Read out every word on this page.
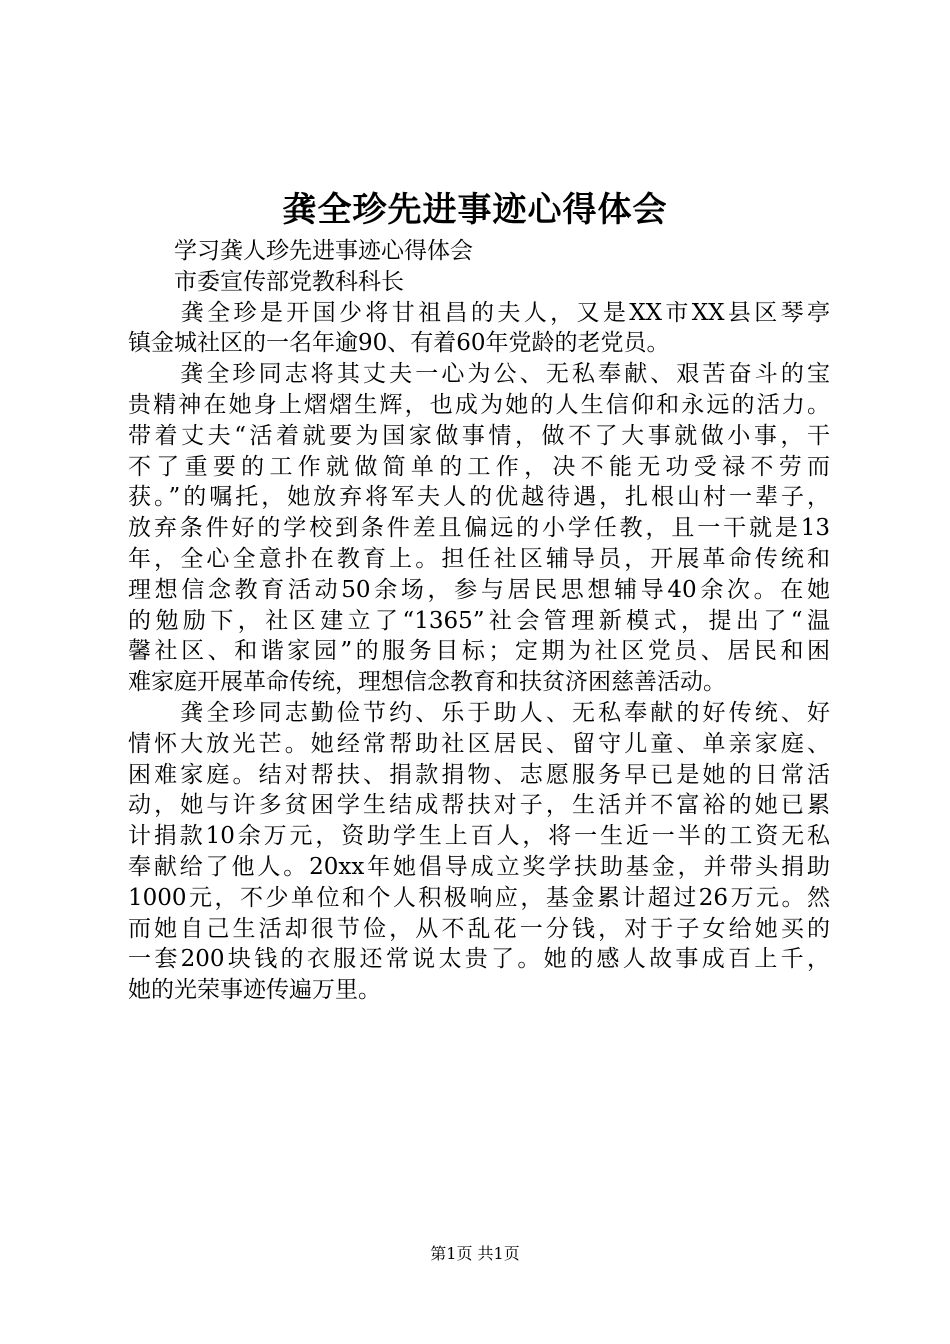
龚全珍先进事迹心得体会
　　学习龚人珍先进事迹心得体会
　　市委宣传部党教科科长
　　龚全珍是开国少将甘祖昌的夫人，又是XX市XX县区琴亭
镇金城社区的一名年逾90、有着60年党龄的老党员。
　　龚全珍同志将其丈夫一心为公、无私奉献、艰苦奋斗的宝
贵精神在她身上熠熠生辉，也成为她的人生信仰和永远的活力。
带着丈夫“活着就要为国家做事情，做不了大事就做小事，干
不了重要的工作就做简单的工作，决不能无功受禄不劳而
获。”的嘱托，她放弃将军夫人的优越待遇，扎根山村一辈子，
放弃条件好的学校到条件差且偏远的小学任教，且一干就是13
年，全心全意扑在教育上。担任社区辅导员，开展革命传统和
理想信念教育活动50余场，参与居民思想辅导40余次。在她
的勉励下，社区建立了“1365”社会管理新模式，提出了“温
馨社区、和谐家园”的服务目标；定期为社区党员、居民和困
难家庭开展革命传统，理想信念教育和扶贫济困慈善活动。
　　龚全珍同志勤俭节约、乐于助人、无私奉献的好传统、好
情怀大放光芒。她经常帮助社区居民、留守儿童、单亲家庭、
困难家庭。结对帮扶、捐款捐物、志愿服务早已是她的日常活
动，她与许多贫困学生结成帮扶对子，生活并不富裕的她已累
计捐款10余万元，资助学生上百人，将一生近一半的工资无私
奉献给了他人。20xx年她倡导成立奖学扶助基金，并带头捐助
1000元，不少单位和个人积极响应，基金累计超过26万元。然
而她自己生活却很节俭，从不乱花一分钱，对于子女给她买的
一套200块钱的衣服还常说太贵了。她的感人故事成百上千，
她的光荣事迹传遍万里。
第1页 共1页
